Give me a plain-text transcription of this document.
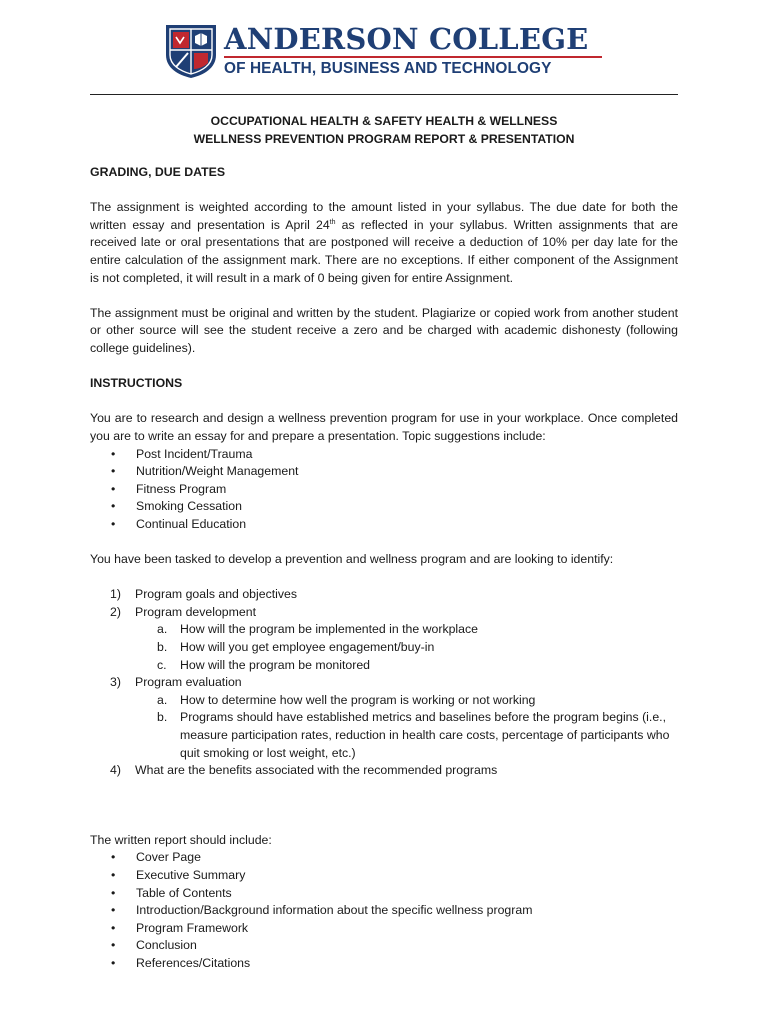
ANDERSON COLLEGE
OF HEALTH, BUSINESS AND TECHNOLOGY
OCCUPATIONAL HEALTH & SAFETY HEALTH & WELLNESS
WELLNESS PREVENTION PROGRAM REPORT & PRESENTATION
GRADING, DUE DATES
The assignment is weighted according to the amount listed in your syllabus. The due date for both the written essay and presentation is April 24th as reflected in your syllabus. Written assignments that are received late or oral presentations that are postponed will receive a deduction of 10% per day late for the entire calculation of the assignment mark. There are no exceptions. If either component of the Assignment is not completed, it will result in a mark of 0 being given for entire Assignment.
The assignment must be original and written by the student. Plagiarize or copied work from another student or other source will see the student receive a zero and be charged with academic dishonesty (following college guidelines).
INSTRUCTIONS
You are to research and design a wellness prevention program for use in your workplace. Once completed you are to write an essay for and prepare a presentation. Topic suggestions include:
• Post Incident/Trauma
• Nutrition/Weight Management
• Fitness Program
• Smoking Cessation
• Continual Education
You have been tasked to develop a prevention and wellness program and are looking to identify:
1) Program goals and objectives
2) Program development
a. How will the program be implemented in the workplace
b. How will you get employee engagement/buy-in
c. How will the program be monitored
3) Program evaluation
a. How to determine how well the program is working or not working
b. Programs should have established metrics and baselines before the program begins (i.e., measure participation rates, reduction in health care costs, percentage of participants who quit smoking or lost weight, etc.)
4) What are the benefits associated with the recommended programs
The written report should include:
• Cover Page
• Executive Summary
• Table of Contents
• Introduction/Background information about the specific wellness program
• Program Framework
• Conclusion
• References/Citations
